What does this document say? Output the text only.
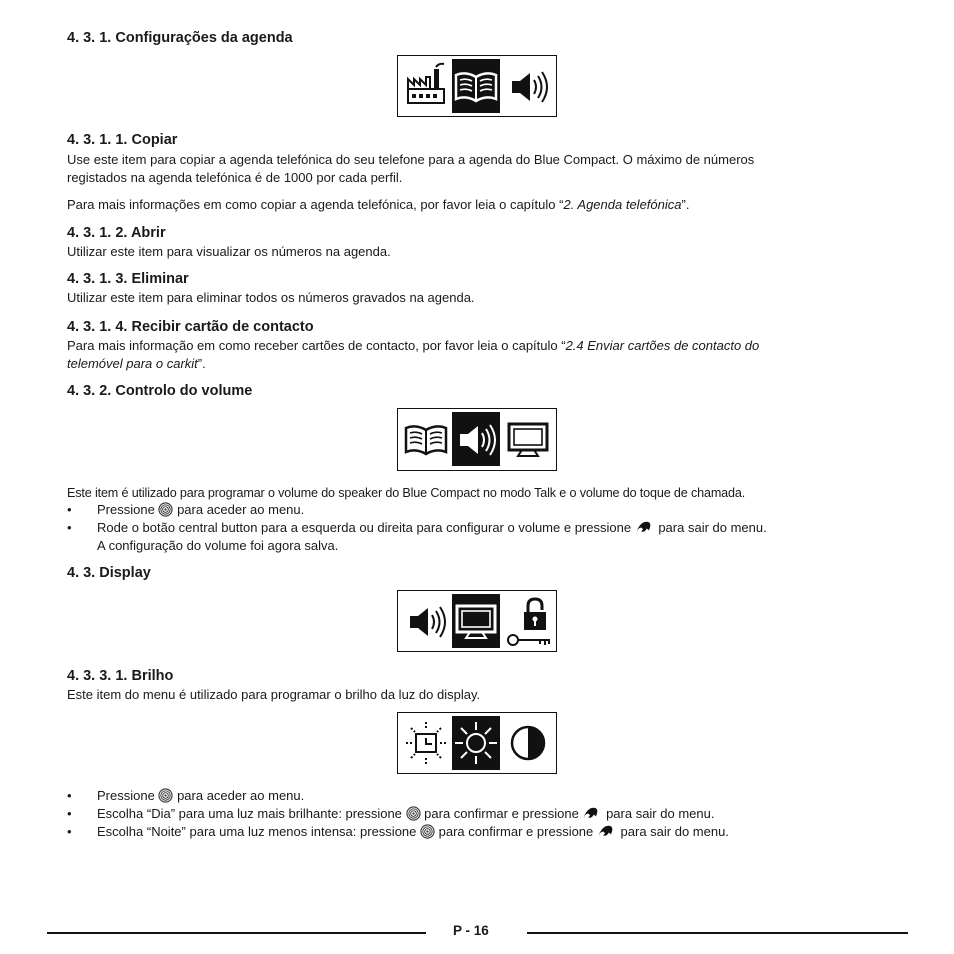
4. 3. 1. Configurações da agenda
4. 3. 1. 1. Copiar
Use este item para copiar a agenda telefónica do seu telefone para a agenda do Blue Compact. O máximo de números
registados na agenda telefónica é de 1000 por cada perfil.
Para mais informações em como copiar a agenda telefónica, por favor leia o capítulo “2. Agenda telefónica”.
4. 3. 1. 2. Abrir
Utilizar este item para visualizar os números na agenda.
4. 3. 1. 3. Eliminar
Utilizar este item para eliminar todos os números gravados na agenda.
4. 3. 1. 4. Recibir cartão de contacto
Para mais informação em como receber cartões de contacto, por favor leia o capítulo “2.4 Enviar cartões de contacto do
telemóvel para o carkit”.
4. 3. 2. Controlo do volume
Este item é utilizado para programar o volume do speaker do Blue Compact no modo Talk e o volume do toque de chamada.
• Pressione para aceder ao menu.
• Rode o botão central button para a esquerda ou direita para configurar o volume e pressione para sair do menu.
A configuração do volume foi agora salva.
4. 3. Display
4. 3. 3. 1. Brilho
Este item do menu é utilizado para programar o brilho da luz do display.
• Pressione para aceder ao menu.
• Escolha “Dia” para uma luz mais brilhante: pressione para confirmar e pressione para sair do menu.
• Escolha “Noite” para uma luz menos intensa: pressione para confirmar e pressione para sair do menu.
P - 16
